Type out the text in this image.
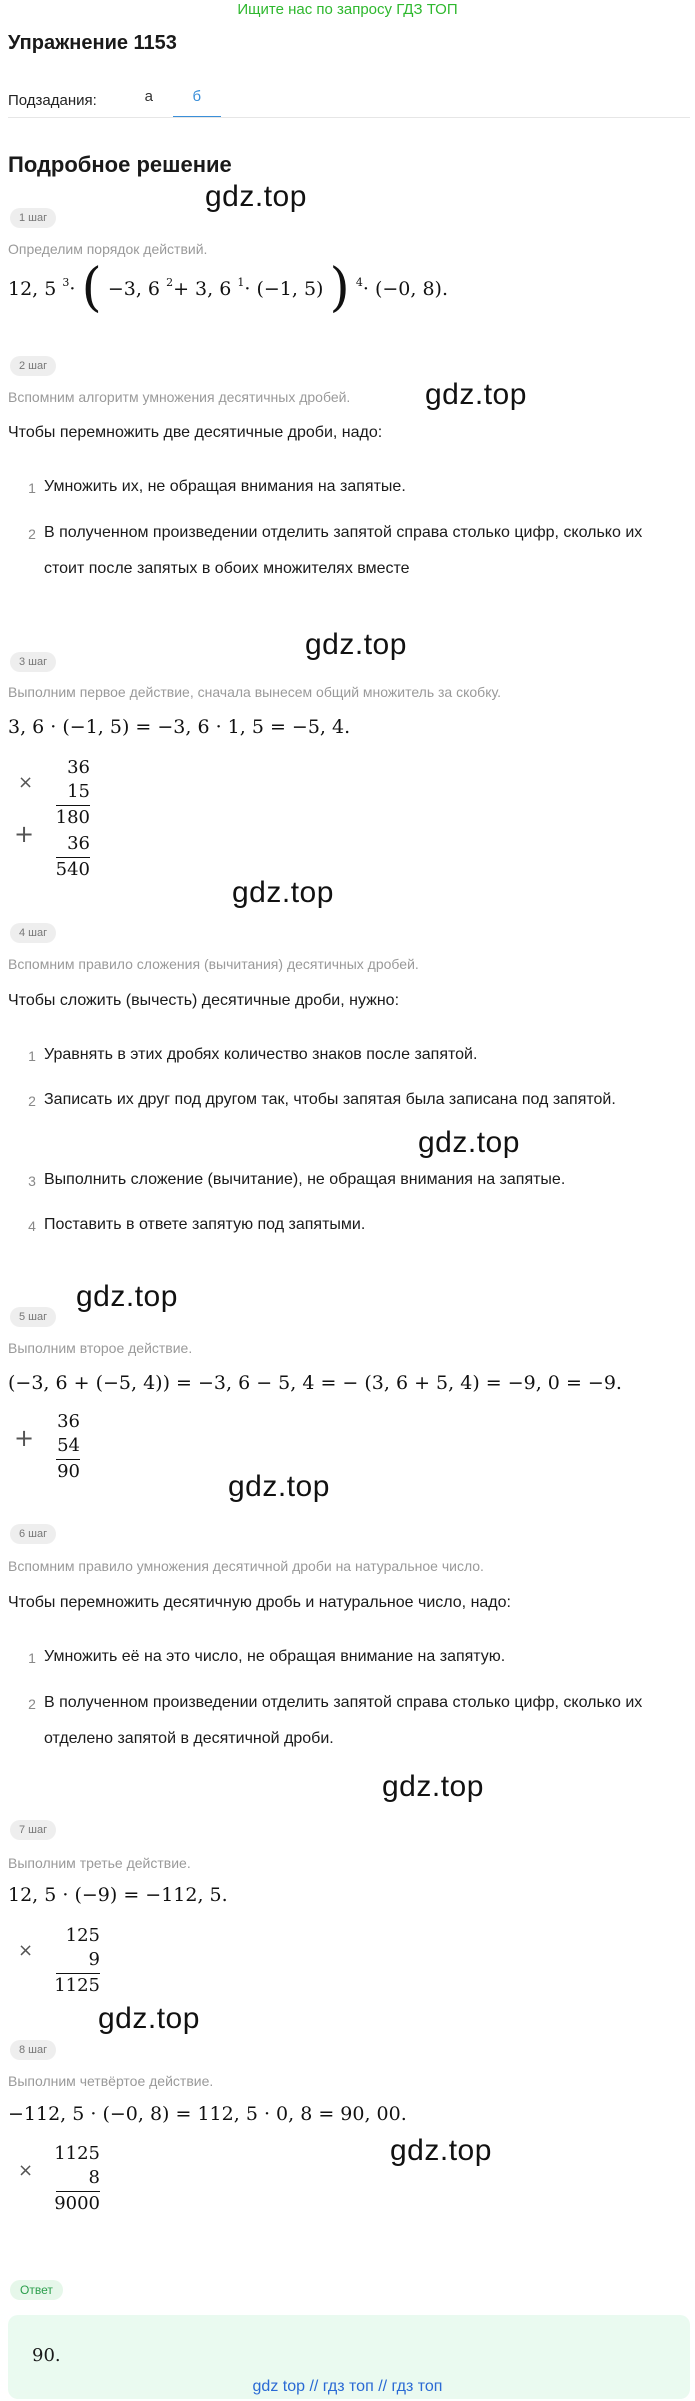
Ищите нас по запросу ГДЗ ТОП
Упражнение 1153
Подзадания:	а	б
Подробное решение
1 шаг
gdz.top
Определим порядок действий.
12, 5 $^3$· ( −3, 6 $^2$+ 3, 6 $^1$· (−1, 5) ) $^4$· (−0, 8).
2 шаг
Вспомним алгоритм умножения десятичных дробей. gdz.top
Чтобы перемножить две десятичные дроби, надо:
1 Умножить их, не обращая внимания на запятые.
2 В полученном произведении отделить запятой справа столько цифр, сколько их стоит после запятых в обоих множителях вместе
gdz.top
3 шаг
Выполним первое действие, сначала вынесем общий множитель за скобку.
3, 6 · (−1, 5) = −3, 6 · 1, 5 = −5, 4.
×
+
36
15
180
36
540
gdz.top
4 шаг
Вспомним правило сложения (вычитания) десятичных дробей.
Чтобы сложить (вычесть) десятичные дроби, нужно:
1 Уравнять в этих дробях количество знаков после запятой.
2 Записать их друг под другом так, чтобы запятая была записана под запятой.
gdz.top
3 Выполнить сложение (вычитание), не обращая внимания на запятые.
4 Поставить в ответе запятую под запятыми.
gdz.top
5 шаг
Выполним второе действие.
(−3, 6 + (−5, 4)) = −3, 6 − 5, 4 = − (3, 6 + 5, 4) = −9, 0 = −9.
+
36
54
90	gdz.top
6 шаг
Вспомним правило умножения десятичной дроби на натуральное число.
Чтобы перемножить десятичную дробь и натуральное число, надо:
1 Умножить её на это число, не обращая внимание на запятую.
2 В полученном произведении отделить запятой справа столько цифр, сколько их отделено запятой в десятичной дроби.
gdz.top
7 шаг
Выполним третье действие.
12, 5 · (−9) = −112, 5.
×
125
9
1125
gdz.top
8 шаг
Выполним четвёртое действие.
−112, 5 · (−0, 8) = 112, 5 · 0, 8 = 90, 00.
×
1125
8
9000
gdz.top
Ответ
90.
gdz top // гдз топ // гдз топ
